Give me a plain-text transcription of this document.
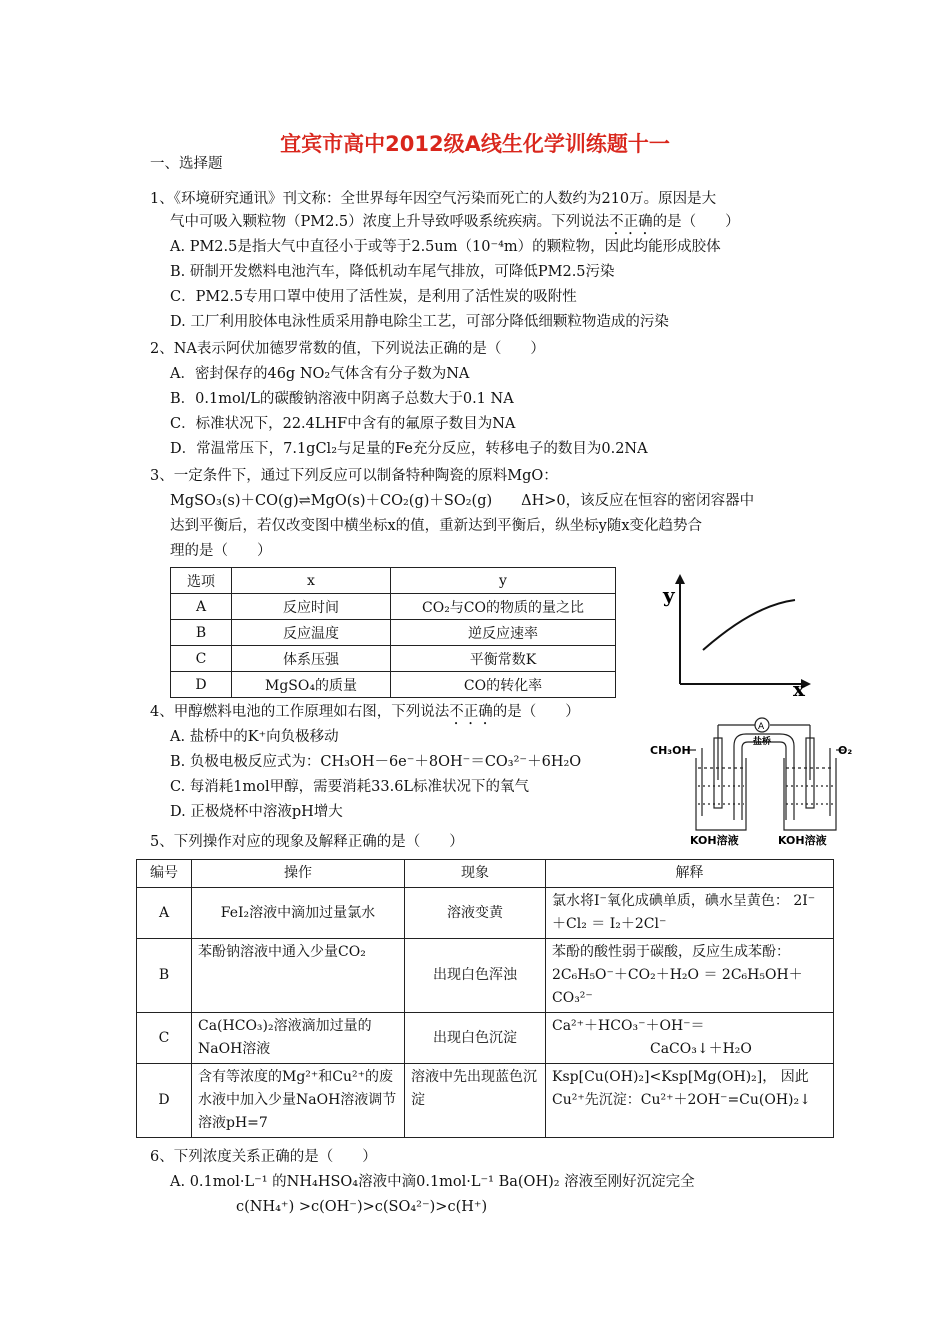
宜宾市高中2012级A线生化学训练题十一
一、选择题
1、《环境研究通讯》刊文称：全世界每年因空气污染而死亡的人数约为210万。原因是大
气中可吸入颗粒物（PM2.5）浓度上升导致呼吸系统疾病。下列说法不正确的是（　　）
A. PM2.5是指大气中直径小于或等于2.5um（10⁻⁴m）的颗粒物，因此均能形成胶体
B. 研制开发燃料电池汽车，降低机动车尾气排放，可降低PM2.5污染
C．PM2.5专用口罩中使用了活性炭，是利用了活性炭的吸附性
D. 工厂利用胶体电泳性质采用静电除尘工艺，可部分降低细颗粒物造成的污染
2、NA表示阿伏加德罗常数的值，下列说法正确的是（　　）
A．密封保存的46g NO₂气体含有分子数为NA
B．0.1mol/L的碳酸钠溶液中阴离子总数大于0.1 NA
C．标准状况下，22.4LHF中含有的氟原子数目为NA
D．常温常压下，7.1gCl₂与足量的Fe充分反应，转移电子的数目为0.2NA
3、一定条件下，通过下列反应可以制备特种陶瓷的原料MgO：
MgSO₃(s)＋CO(g)⇌MgO(s)＋CO₂(g)＋SO₂(g)　　ΔH>0，该反应在恒容的密闭容器中
达到平衡后，若仅改变图中横坐标x的值，重新达到平衡后，纵坐标y随x变化趋势合
理的是（　　）
选项	x	y
A	反应时间	CO₂与CO的物质的量之比
B	反应温度	逆反应速率
C	体系压强	平衡常数K
D	MgSO₄的质量	CO的转化率
y
x
4、甲醇燃料电池的工作原理如右图，下列说法不正确的是（　　）
A. 盐桥中的K⁺向负极移动
B. 负极电极反应式为：CH₃OH－6e⁻＋8OH⁻＝CO₃²⁻＋6H₂O
C. 每消耗1mol甲醇，需要消耗33.6L标准状况下的氧气
D. 正极烧杯中溶液pH增大
A
CH₃OH	O₂
盐桥
KOH溶液	KOH溶液
5、下列操作对应的现象及解释正确的是（　　）
编号	操作	现象	解释
A	FeI₂溶液中滴加过量氯水	溶液变黄	氯水将I⁻氧化成碘单质，碘水呈黄色： 2I⁻＋Cl₂ ＝ I₂＋2Cl⁻
B	苯酚钠溶液中通入少量CO₂	出现白色浑浊	苯酚的酸性弱于碳酸，反应生成苯酚：2C₆H₅O⁻＋CO₂＋H₂O ＝ 2C₆H₅OH＋CO₃²⁻
C	Ca(HCO₃)₂溶液滴加过量的NaOH溶液	出现白色沉淀	Ca²⁺＋HCO₃⁻＋OH⁻＝
CaCO₃↓＋H₂O

D	含有等浓度的Mg²⁺和Cu²⁺的废水液中加入少量NaOH溶液调节溶液pH=7	溶液中先出现蓝色沉淀	Ksp[Cu(OH)₂]<Ksp[Mg(OH)₂]， 因此Cu²⁺先沉淀：Cu²⁺＋2OH⁻=Cu(OH)₂↓
6、下列浓度关系正确的是（　　）
A. 0.1mol·L⁻¹ 的NH₄HSO₄溶液中滴0.1mol·L⁻¹ Ba(OH)₂ 溶液至刚好沉淀完全
c(NH₄⁺) >c(OH⁻)>c(SO₄²⁻)>c(H⁺)
